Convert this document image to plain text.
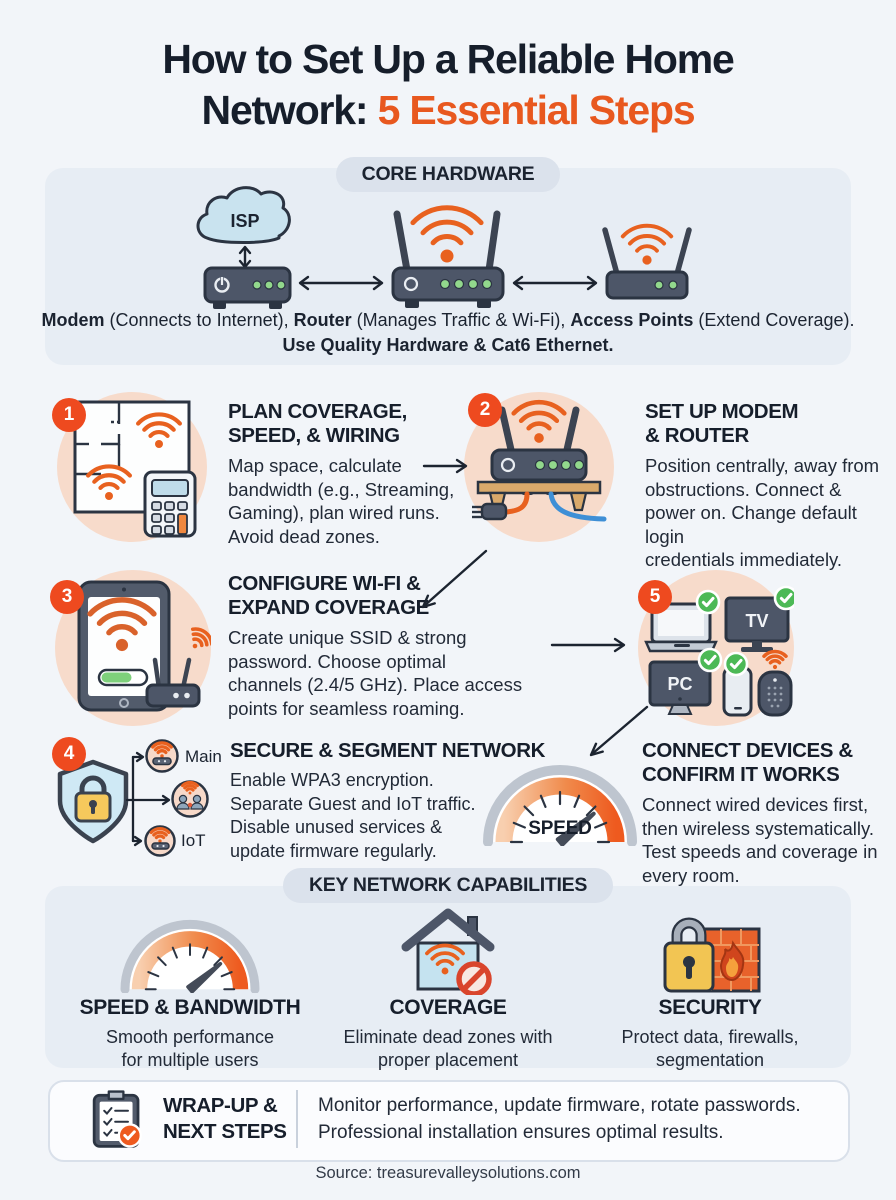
How to Set Up a Reliable Home
Network: 5 Essential Steps
CORE HARDWARE
ISP
Modem (Connects to Internet), Router (Manages Traffic & Wi-Fi), Access Points (Extend Coverage).
Use Quality Hardware & Cat6 Ethernet.
1	PLAN COVERAGE,
SPEED, & WIRING
Map space, calculate
bandwidth (e.g., Streaming,
Gaming), plan wired runs.
Avoid dead zones.
2	SET UP MODEM
& ROUTER
Position centrally, away from
obstructions. Connect &
power on. Change default login
credentials immediately.
3
CONFIGURE WI-FI &
EXPAND COVERAGE
Create unique SSID & strong
password. Choose optimal
channels (2.4/5 GHz). Place access
points for seamless roaming.
5
TV
PC
4	Main
IoT
SECURE & SEGMENT NETWORK
Enable WPA3 encryption.
Separate Guest and IoT traffic.
Disable unused services &
update firmware regularly.
SPEED
CONNECT DEVICES &
CONFIRM IT WORKS
Connect wired devices first,
then wireless systematically.
Test speeds and coverage in
every room.
KEY NETWORK CAPABILITIES
SPEED & BANDWIDTH
Smooth performance
for multiple users
COVERAGE
Eliminate dead zones with
proper placement
SECURITY
Protect data, firewalls,
segmentation
WRAP-UP &
NEXT STEPS
Monitor performance, update firmware, rotate passwords.
Professional installation ensures optimal results.
Source: treasurevalleysolutions.com
